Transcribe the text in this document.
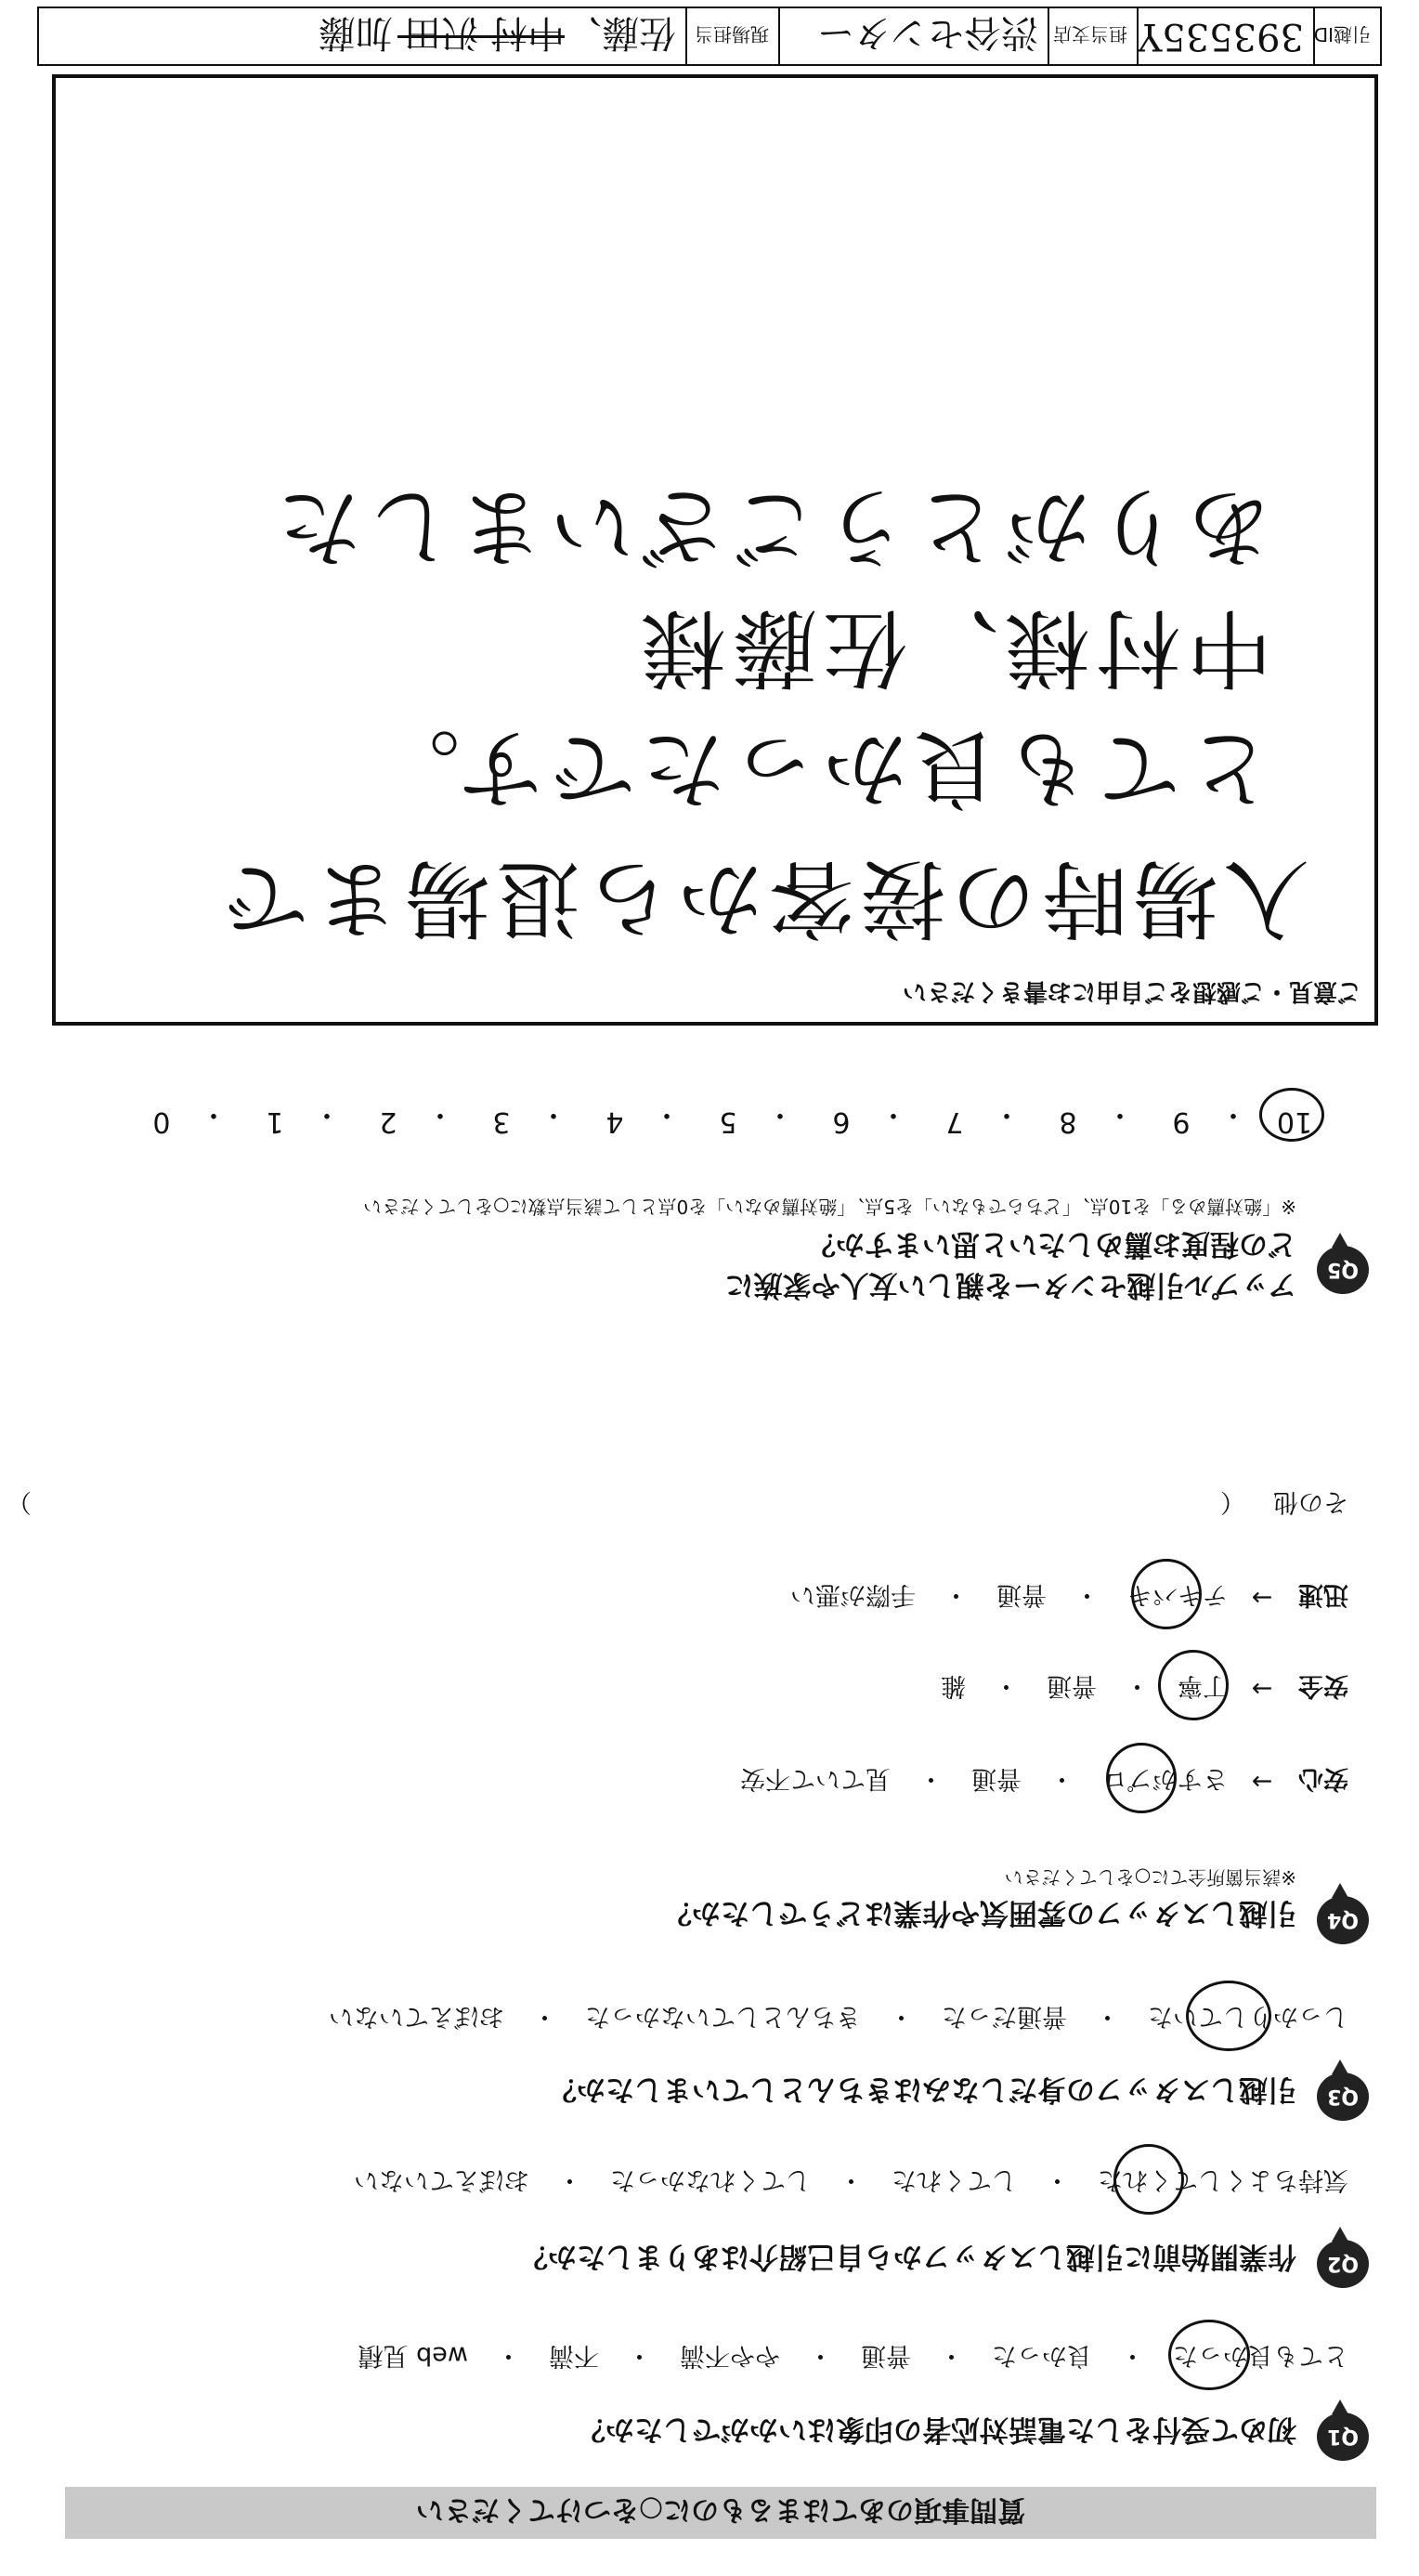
質問事項のあてはまるものに○をつけてください
Q1
初めて受付をした電話対応者の印象はいかがでしたか？
とても良かった
・
良かった
・
普通
・
やや不満
・
不満
・
web 見積
Q2
作業開始前に引越しスタッフから自己紹介はありましたか？
気持ちよくしてくれた
・
してくれた
・
してくれなかった
・
おぼえていない
Q3
引越しスタッフの身だしなみはきちんとしていましたか？
しっかりしていた
・
普通だった
・
きちんとしていなかった
・
おぼえていない
Q4
引越しスタッフの雰囲気や作業はどうでしたか？
※該当箇所全てに○をしてください
安心
→
さすがプロ
・
普通
・
見ていて不安
安全
→
丁寧
・
普通
・
雑
迅速
→
テキパキ
・
普通
・
手際が悪い
その他
（
）
Q5
アップル引越センターを親しい友人や家族に
どの程度お薦めしたいと思いますか？
※「絶対薦める」を10点、「どちらでもない」を5点、「絶対薦めない」を0点として該当点数に○をしてください
10
・
9
・
8
・
7
・
6
・
5
・
4
・
3
・
2
・
1
・
0
ご意見・ご感想をご自由にお書きください
入場時の接客から退場まで
とても良かったです。
中村様、佐藤様
ありがとうございました
引越ID
393535Y
担当支店
渋谷センター
現場担当
佐藤、中村 沢田 加藤
